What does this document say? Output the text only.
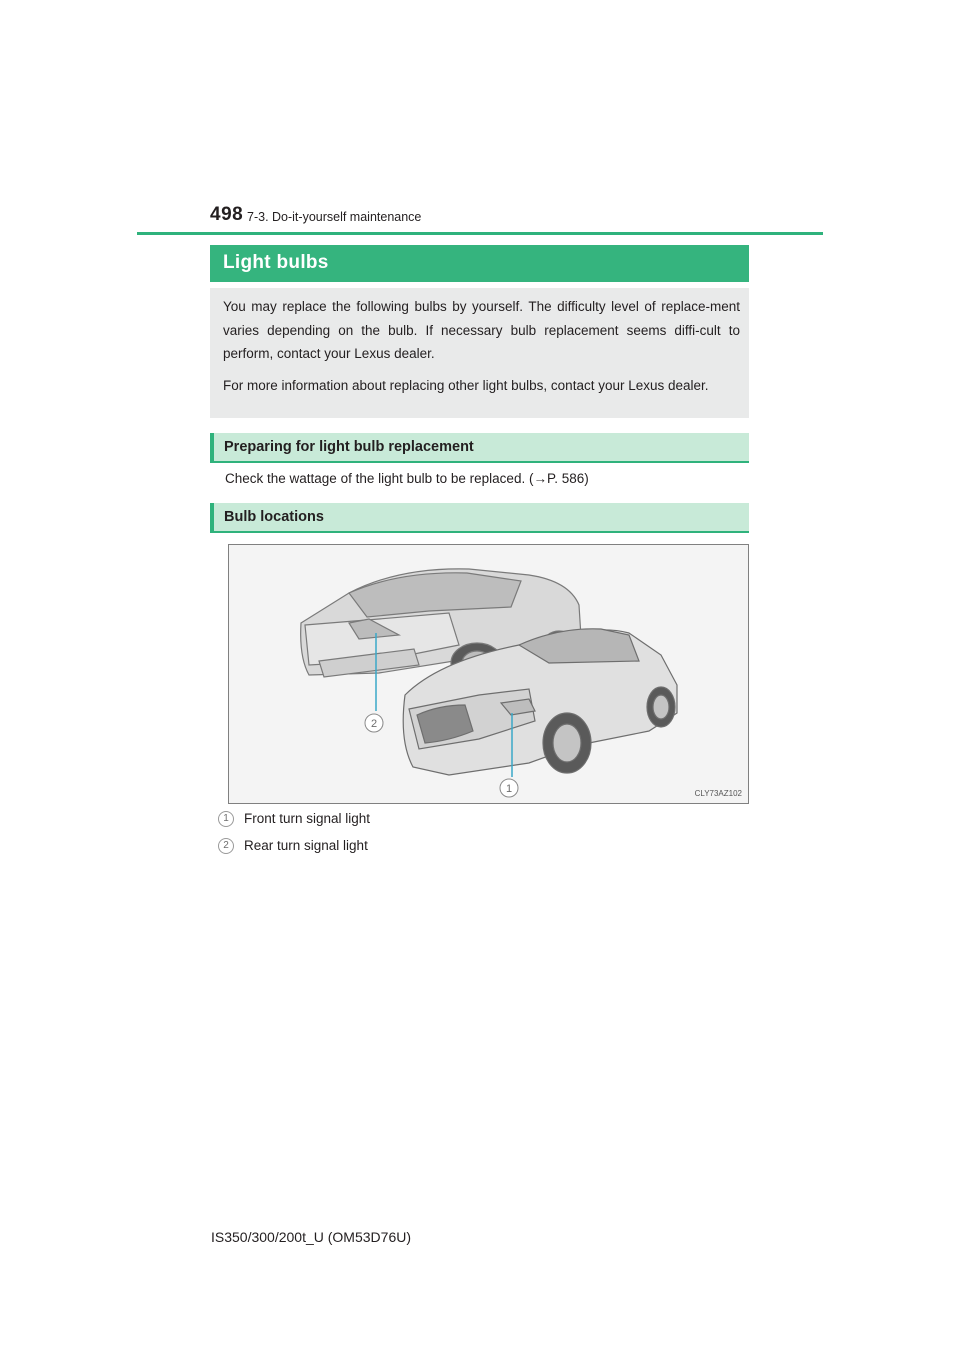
498 7-3. Do-it-yourself maintenance
Light bulbs

You may replace the following bulbs by yourself. The difficulty level of replace-ment varies depending on the bulb. If necessary bulb replacement seems diffi-cult to perform, contact your Lexus dealer.

For more information about replacing other light bulbs, contact your Lexus dealer.

Preparing for light bulb replacement
Check the wattage of the light bulb to be replaced. (→P. 586)
Bulb locations
2
1	CLY73AZ102
1 Front turn signal light
2 Rear turn signal light
IS350/300/200t_U (OM53D76U)
